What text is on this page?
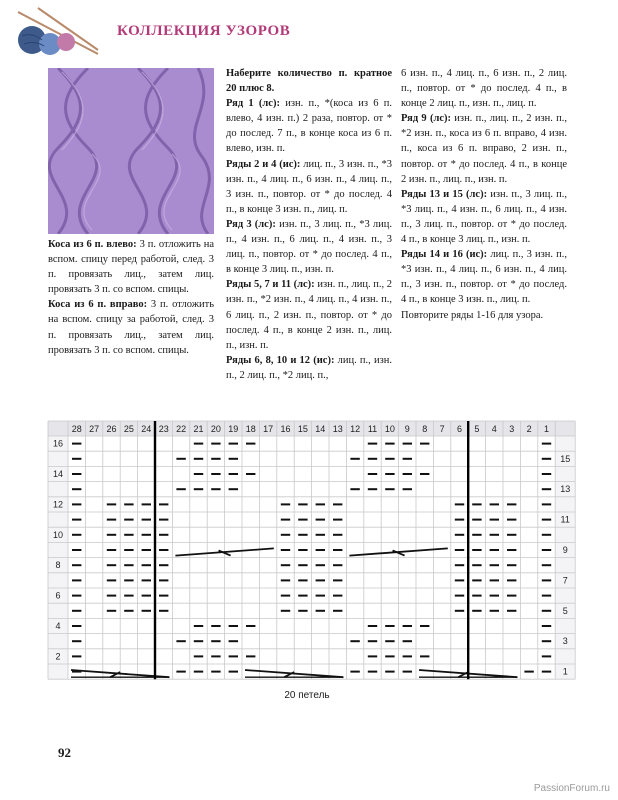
КОЛЛЕКЦИЯ УЗОРОВ

Коса из 6 п. влево: 3 п. отложить на вспом. спицу перед работой, след. 3 п. провязать лиц., затем лиц. провязать 3 п. со вспом. спицы.

Коса из 6 п. вправо: 3 п. отложить на вспом. спицу за работой, след. 3 п. провязать лиц., затем лиц. провязать 3 п. со вспом. спицы.

Наберите количество п. кратное 20 плюс 8.

Ряд 1 (лс): изн. п., *(коса из 6 п. влево, 4 изн. п.) 2 раза, повтор. от * до послед. 7 п., в конце коса из 6 п. влево, изн. п.

Ряды 2 и 4 (ис): лиц. п., 3 изн. п., *3 изн. п., 4 лиц. п., 6 изн. п., 4 лиц. п., 3 изн. п., повтор. от * до послед. 4 п., в конце 3 изн. п., лиц. п.

Ряд 3 (лс): изн. п., 3 лиц. п., *3 лиц. п., 4 изн. п., 6 лиц. п., 4 изн. п., 3 лиц. п., повтор. от * до послед. 4 п., в конце 3 лиц. п., изн. п.

Ряды 5, 7 и 11 (лс): изн. п., лиц. п., 2 изн. п., *2 изн. п., 4 лиц. п., 4 изн. п., 6 лиц. п., 2 изн. п., повтор. от * до послед. 4 п., в конце 2 изн. п., лиц. п., изн. п.

Ряды 6, 8, 10 и 12 (ис): лиц. п., изн. п., 2 лиц. п., *2 лиц. п.,

6 изн. п., 4 лиц. п., 6 изн. п., 2 лиц. п., повтор. от * до послед. 4 п., в конце 2 лиц. п., изн. п., лиц. п.

Ряд 9 (лс): изн. п., лиц. п., 2 изн. п., *2 изн. п., коса из 6 п. вправо, 4 изн. п., коса из 6 п. вправо, 2 изн. п., повтор. от * до послед. 4 п., в конце 2 изн. п., лиц. п., изн. п.

Ряды 13 и 15 (лс): изн. п., 3 лиц. п., *3 лиц. п., 4 изн. п., 6 лиц. п., 4 изн. п., 3 лиц. п., повтор. от * до послед. 4 п., в конце 3 лиц. п., изн. п.

Ряды 14 и 16 (ис): лиц. п., 3 изн. п., *3 изн. п., 4 лиц. п., 6 изн. п., 4 лиц. п., 3 изн. п., повтор. от * до послед. 4 п., в конце 3 изн. п., лиц. п.

Повторите ряды 1-16 для узора.

28 27 26 25 24 23 22 21 20 19 18 17 16 15 14 13 12 11 10 9 8 7 6 5 4 3 2 1
16
14
12
10
8
6
4
2
15
13
11
9
7
5
3
1
20 петель
92
PassionForum.ru
